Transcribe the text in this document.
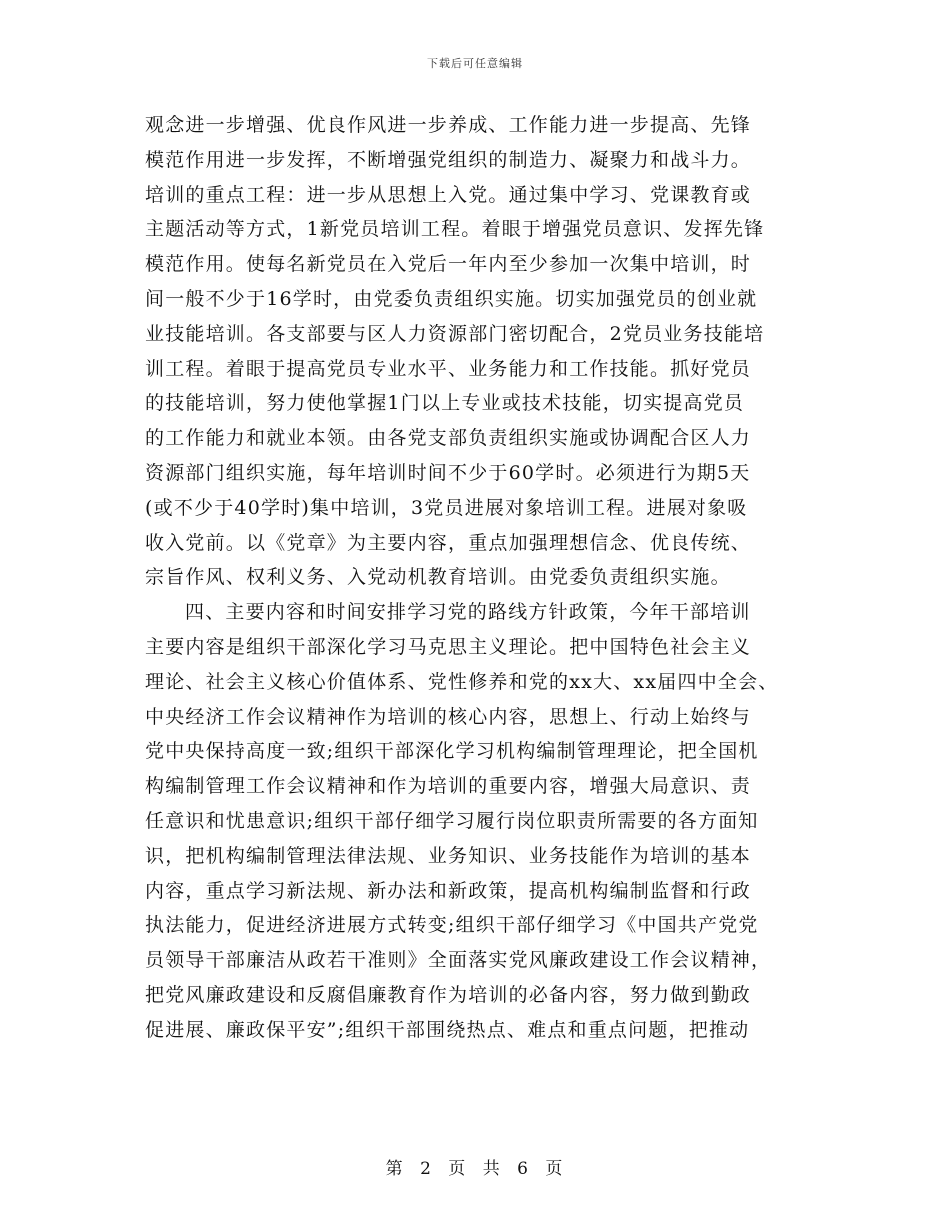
下载后可任意编辑
观念进一步增强、优良作风进一步养成、工作能力进一步提高、先锋
模范作用进一步发挥，不断增强党组织的制造力、凝聚力和战斗力。
培训的重点工程：进一步从思想上入党。通过集中学习、党课教育或
主题活动等方式，1新党员培训工程。着眼于增强党员意识、发挥先锋
模范作用。使每名新党员在入党后一年内至少参加一次集中培训，时
间一般不少于16学时，由党委负责组织实施。切实加强党员的创业就
业技能培训。各支部要与区人力资源部门密切配合，2党员业务技能培
训工程。着眼于提高党员专业水平、业务能力和工作技能。抓好党员
的技能培训，努力使他掌握1门以上专业或技术技能，切实提高党员
的工作能力和就业本领。由各党支部负责组织实施或协调配合区人力
资源部门组织实施，每年培训时间不少于60学时。必须进行为期5天
(或不少于40学时)集中培训，3党员进展对象培训工程。进展对象吸
收入党前。以《党章》为主要内容，重点加强理想信念、优良传统、
宗旨作风、权利义务、入党动机教育培训。由党委负责组织实施。
四、主要内容和时间安排学习党的路线方针政策，今年干部培训
主要内容是组织干部深化学习马克思主义理论。把中国特色社会主义
理论、社会主义核心价值体系、党性修养和党的xx大、xx届四中全会、
中央经济工作会议精神作为培训的核心内容，思想上、行动上始终与
党中央保持高度一致;组织干部深化学习机构编制管理理论，把全国机
构编制管理工作会议精神和作为培训的重要内容，增强大局意识、责
任意识和忧患意识;组织干部仔细学习履行岗位职责所需要的各方面知
识，把机构编制管理法律法规、业务知识、业务技能作为培训的基本
内容，重点学习新法规、新办法和新政策，提高机构编制监督和行政
执法能力，促进经济进展方式转变;组织干部仔细学习《中国共产党党
员领导干部廉洁从政若干准则》全面落实党风廉政建设工作会议精神，
把党风廉政建设和反腐倡廉教育作为培训的必备内容，努力做到勤政
促进展、廉政保平安”;组织干部围绕热点、难点和重点问题，把推动
第 2 页 共 6 页
